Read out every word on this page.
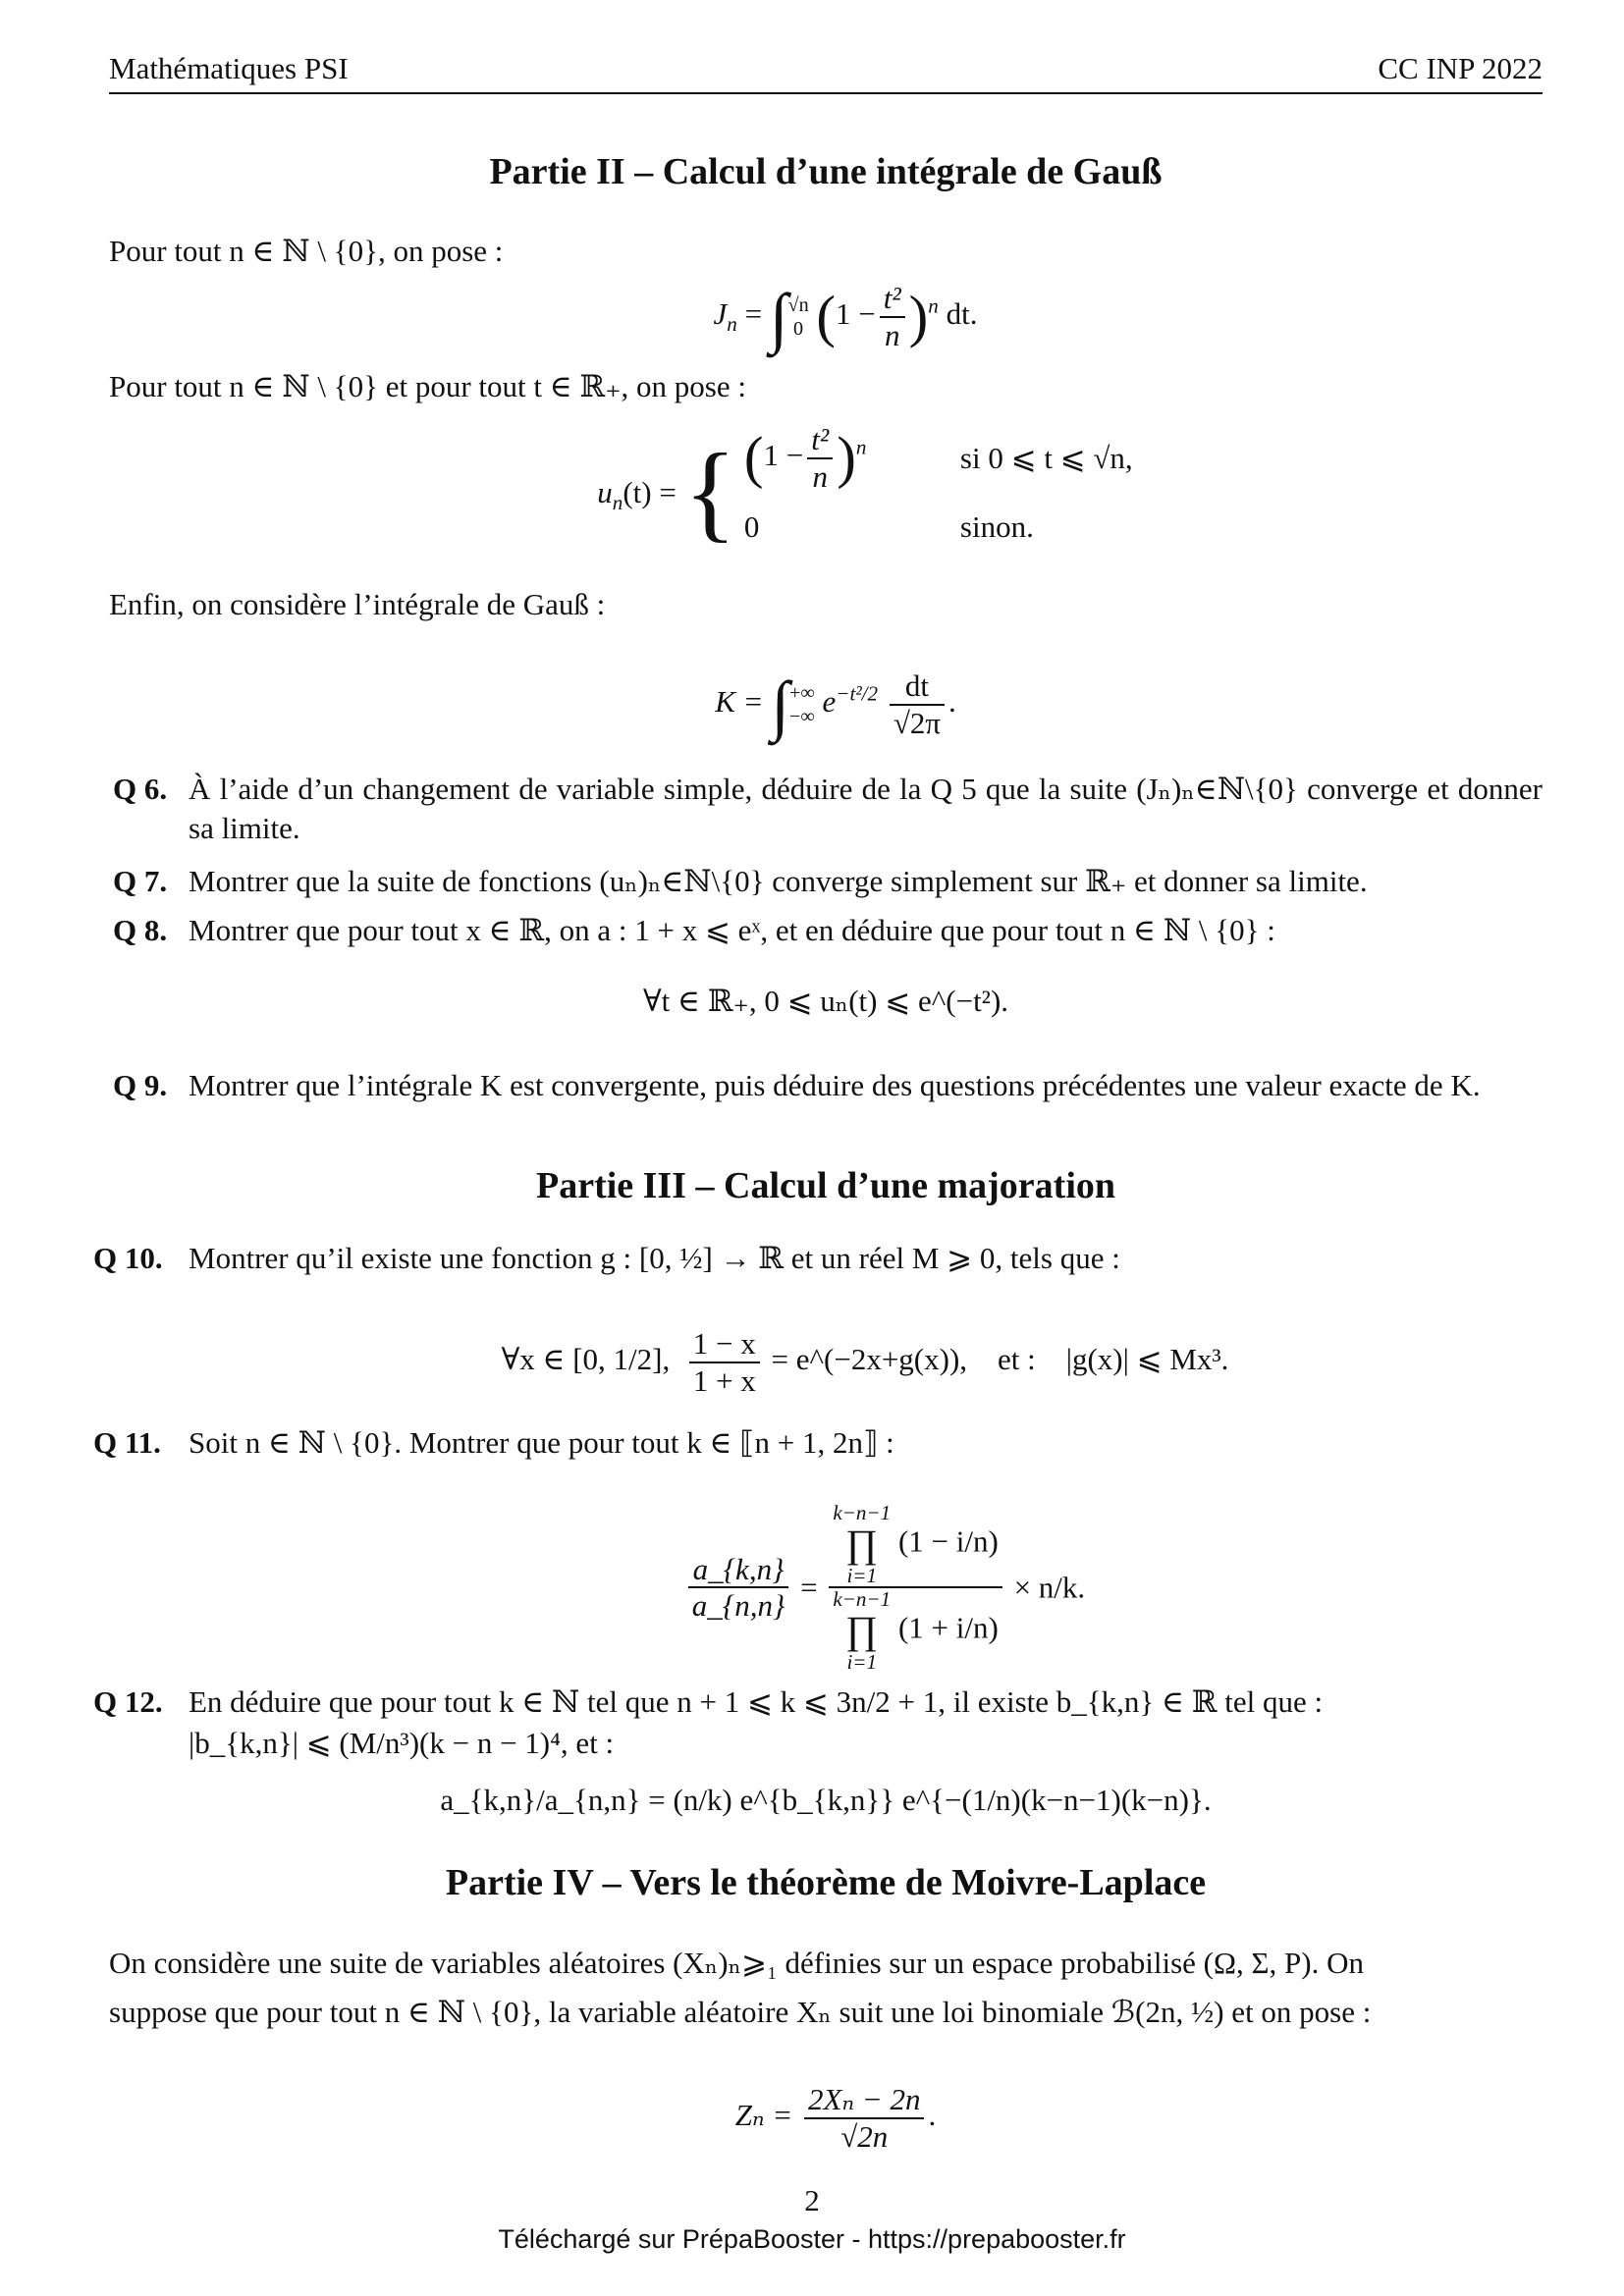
Mathématiques PSI	CC INP 2022
Partie II – Calcul d’une intégrale de Gauß
Pour tout n ∈ ℕ \ {0}, on pose :
$J_n$ = ∫ √n
0 $(1 - \frac{\text{t²}}{n} )^n$ dt.
Pour tout n ∈ ℕ \ {0} et pour tout t ∈ ℝ₊, on pose :
$u_n(t)$ = { $(1 - \frac{\text{t²}}{n} )^n$	si 0 ⩽ t ⩽ √n,
0	sinon.
Enfin, on considère l’intégrale de Gauß :
K = ∫ +∞
−∞ $e^{-t^2/2} \frac{dt}{√2\pi}$ .
Q 6. À l’aide d’un changement de variable simple, déduire de la Q 5 que la suite (Jₙ)ₙ∈ℕ\{0} converge et donner sa limite.
Q 7. Montrer que la suite de fonctions (uₙ)ₙ∈ℕ\{0} converge simplement sur ℝ₊ et donner sa limite.
Q 8. Montrer que pour tout x ∈ ℝ, on a : 1 + x ⩽ eˣ, et en déduire que pour tout n ∈ ℕ \ {0} :
∀t ∈ ℝ₊, 0 ⩽ uₙ(t) ⩽ e^(−t²).
Q 9. Montrer que l’intégrale K est convergente, puis déduire des questions précédentes une valeur exacte de K.
Partie III – Calcul d’une majoration
Q 10. Montrer qu’il existe une fonction g : [0, ½] → ℝ et un réel M ⩾ 0, tels que :
∀x ∈ [0, 1/2], $\frac{1 - x}{1 + x}$ = e^(−2x+g(x)), et : |g(x)| ⩽ Mx³.
Q 11. Soit n ∈ ℕ \ {0}. Montrer que pour tout k ∈ ⟦n + 1, 2n⟧ :
$\frac{a\_\{k,n\}}{a\_\{n,n\}} = k-n-1$
∏
i=1
(1 − i/n)
k−n−1
∏
i=1
(1 + i/n) × n/k.
Q 12. En déduire que pour tout k ∈ ℕ tel que n + 1 ⩽ k ⩽ 3n/2 + 1, il existe b_{k,n} ∈ ℝ tel que :
|b_{k,n}| ⩽ (M/n³)(k − n − 1)⁴, et :
a_{k,n}/a_{n,n} = (n/k) e^{b_{k,n}} e^{−(1/n)(k−n−1)(k−n)}.
Partie IV – Vers le théorème de Moivre-Laplace
On considère une suite de variables aléatoires (Xₙ)ₙ⩾₁ définies sur un espace probabilisé (Ω, Σ, P). On
suppose que pour tout n ∈ ℕ \ {0}, la variable aléatoire Xₙ suit une loi binomiale ℬ(2n, ½) et on pose :
$Z_n = \frac{\text{2Xₙ − 2n}}{√2n}$ .
2
Téléchargé sur PrépaBooster - https://prepabooster.fr
